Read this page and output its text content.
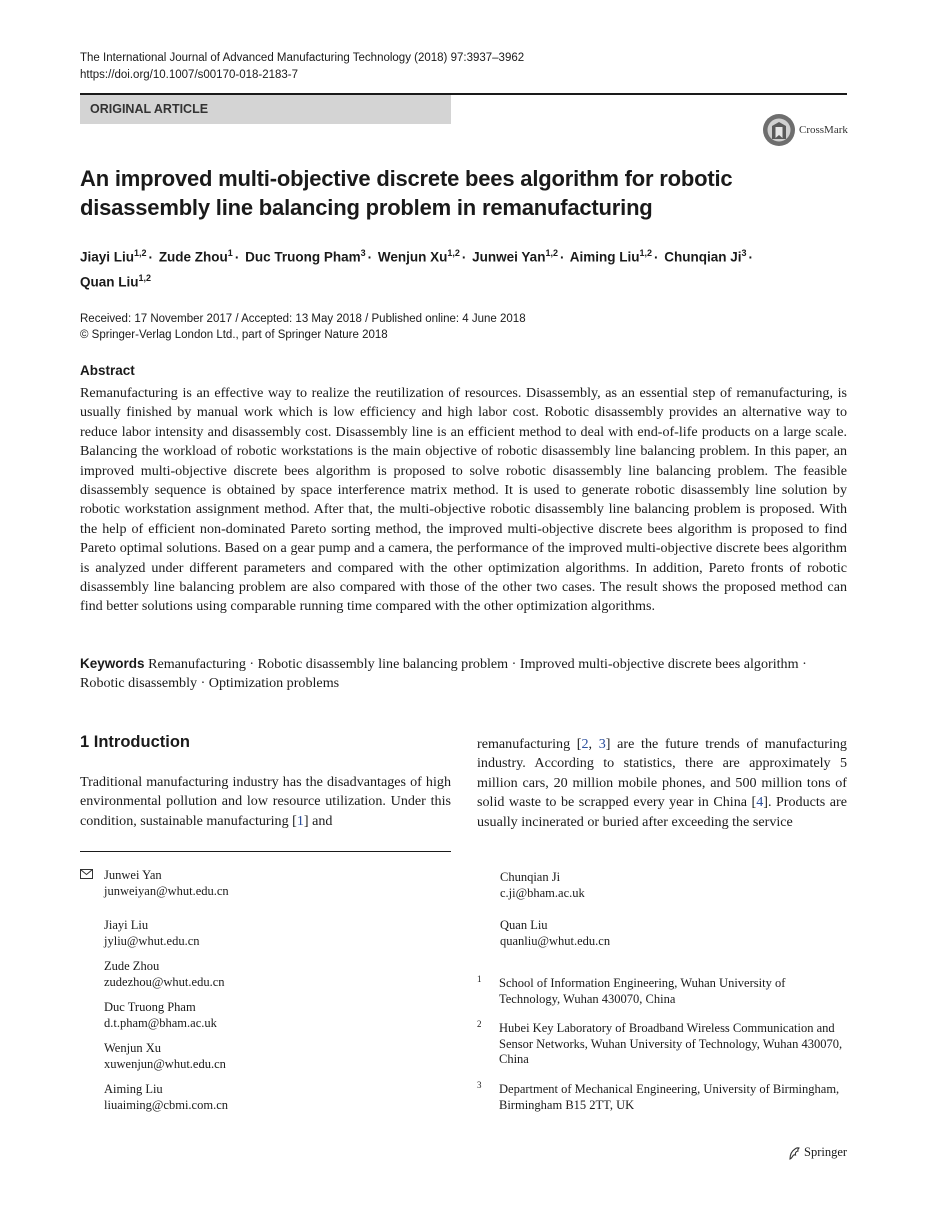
The International Journal of Advanced Manufacturing Technology (2018) 97:3937–3962
https://doi.org/10.1007/s00170-018-2183-7
ORIGINAL ARTICLE
CrossMark
An improved multi-objective discrete bees algorithm for robotic
disassembly line balancing problem in remanufacturing
Jiayi Liu$^{1,2}$ · Zude Zhou$^1$ · Duc Truong Pham$^3$ · Wenjun Xu$^{1,2}$ · Junwei Yan$^{1,2}$ · Aiming Liu$^{1,2}$ · Chunqian $Ji^3$ ·
Quan Liu$^{1,2}$
Received: 17 November 2017 / Accepted: 13 May 2018 / Published online: 4 June 2018
© Springer-Verlag London Ltd., part of Springer Nature 2018
Abstract
Remanufacturing is an effective way to realize the reutilization of resources. Disassembly, as an essential step of remanufacturing, is usually finished by manual work which is low efficiency and high labor cost. Robotic disassembly provides an alternative way to reduce labor intensity and disassembly cost. Disassembly line is an efficient method to deal with end-of-life products on a large scale. Balancing the workload of robotic workstations is the main objective of robotic disassembly line balancing problem. In this paper, an improved multi-objective discrete bees algorithm is proposed to solve robotic disassembly line balancing problem. The feasible disassembly sequence is obtained by space interference matrix method. It is used to generate robotic disassembly line solution by robotic workstation assignment method. After that, the multi-objective robotic disassembly line balancing problem is proposed. With the help of efficient non-dominated Pareto sorting method, the improved multi-objective discrete bees algorithm is proposed to find Pareto optimal solutions. Based on a gear pump and a camera, the performance of the improved multi-objective discrete bees algorithm is analyzed under different parameters and compared with the other optimization algorithms. In addition, Pareto fronts of robotic disassembly line balancing problem are also compared with those of the other two cases. The result shows the proposed method can find better solutions using comparable running time compared with the other optimization algorithms.
Keywords Remanufacturing · Robotic disassembly line balancing problem · Improved multi-objective discrete bees algorithm · Robotic disassembly · Optimization problems
1 Introduction
Traditional manufacturing industry has the disadvantages of high environmental pollution and low resource utilization. Under this condition, sustainable manufacturing [1] and
remanufacturing [2, 3] are the future trends of manufacturing industry. According to statistics, there are approximately 5 million cars, 20 million mobile phones, and 500 million tons of solid waste to be scrapped every year in China [4]. Products are usually incinerated or buried after exceeding the service
Junwei Yan
junweiyan@whut.edu.cn
Jiayi Liu
jyliu@whut.edu.cn
Zude Zhou
zudezhou@whut.edu.cn
Duc Truong Pham
d.t.pham@bham.ac.uk
Wenjun Xu
xuwenjun@whut.edu.cn
Aiming Liu
liuaiming@cbmi.com.cn
Chunqian Ji
c.ji@bham.ac.uk
Quan Liu
quanliu@whut.edu.cn
1 School of Information Engineering, Wuhan University of
Technology, Wuhan 430070, China
2 Hubei Key Laboratory of Broadband Wireless Communication and
Sensor Networks, Wuhan University of Technology, Wuhan 430070,
China
3 Department of Mechanical Engineering, University of Birmingham,
Birmingham B15 2TT, UK
Springer
